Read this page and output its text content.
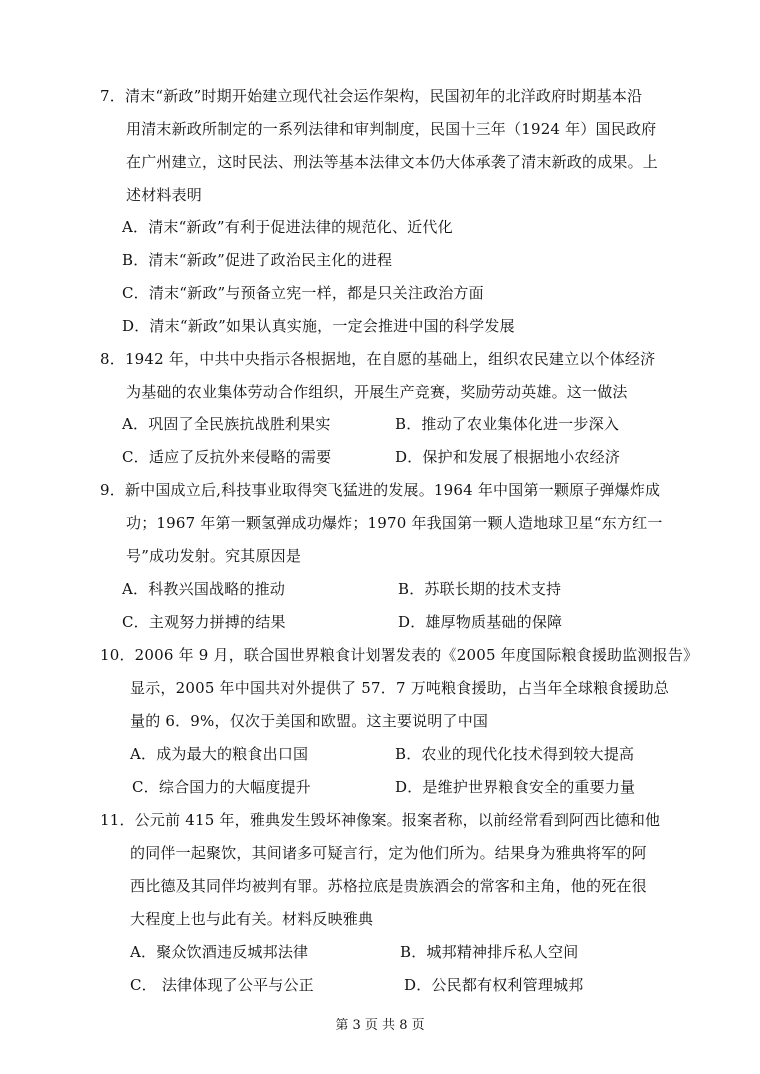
7．清末“新政”时期开始建立现代社会运作架构，民国初年的北洋政府时期基本沿
用清末新政所制定的一系列法律和审判制度，民国十三年（1924 年）国民政府
在广州建立，这时民法、刑法等基本法律文本仍大体承袭了清末新政的成果。上
述材料表明
A．清末“新政”有利于促进法律的规范化、近代化
B．清末“新政”促进了政治民主化的进程
C．清末“新政”与预备立宪一样，都是只关注政治方面
D．清末“新政”如果认真实施，一定会推进中国的科学发展
8．1942 年，中共中央指示各根据地，在自愿的基础上，组织农民建立以个体经济
为基础的农业集体劳动合作组织，开展生产竞赛，奖励劳动英雄。这一做法
A．巩固了全民族抗战胜利果实	B．推动了农业集体化进一步深入
C．适应了反抗外来侵略的需要	D．保护和发展了根据地小农经济
9．新中国成立后,科技事业取得突飞猛进的发展。1964 年中国第一颗原子弹爆炸成
功；1967 年第一颗氢弹成功爆炸；1970 年我国第一颗人造地球卫星“东方红一
号”成功发射。究其原因是
A．科教兴国战略的推动	B．苏联长期的技术支持
C．主观努力拼搏的结果	D．雄厚物质基础的保障
10．2006 年 9 月，联合国世界粮食计划署发表的《2005 年度国际粮食援助监测报告》
显示，2005 年中国共对外提供了 57．7 万吨粮食援助，占当年全球粮食援助总
量的 6．9%，仅次于美国和欧盟。这主要说明了中国
A．成为最大的粮食出口国	B．农业的现代化技术得到较大提高
C．综合国力的大幅度提升	D．是维护世界粮食安全的重要力量
11．公元前 415 年，雅典发生毁坏神像案。报案者称，以前经常看到阿西比德和他
的同伴一起聚饮，其间诸多可疑言行，定为他们所为。结果身为雅典将军的阿
西比德及其同伴均被判有罪。苏格拉底是贵族酒会的常客和主角，他的死在很
大程度上也与此有关。材料反映雅典
A．聚众饮酒违反城邦法律	B．城邦精神排斥私人空间
C． 法律体现了公平与公正	D．公民都有权利管理城邦
第 3 页 共 8 页
